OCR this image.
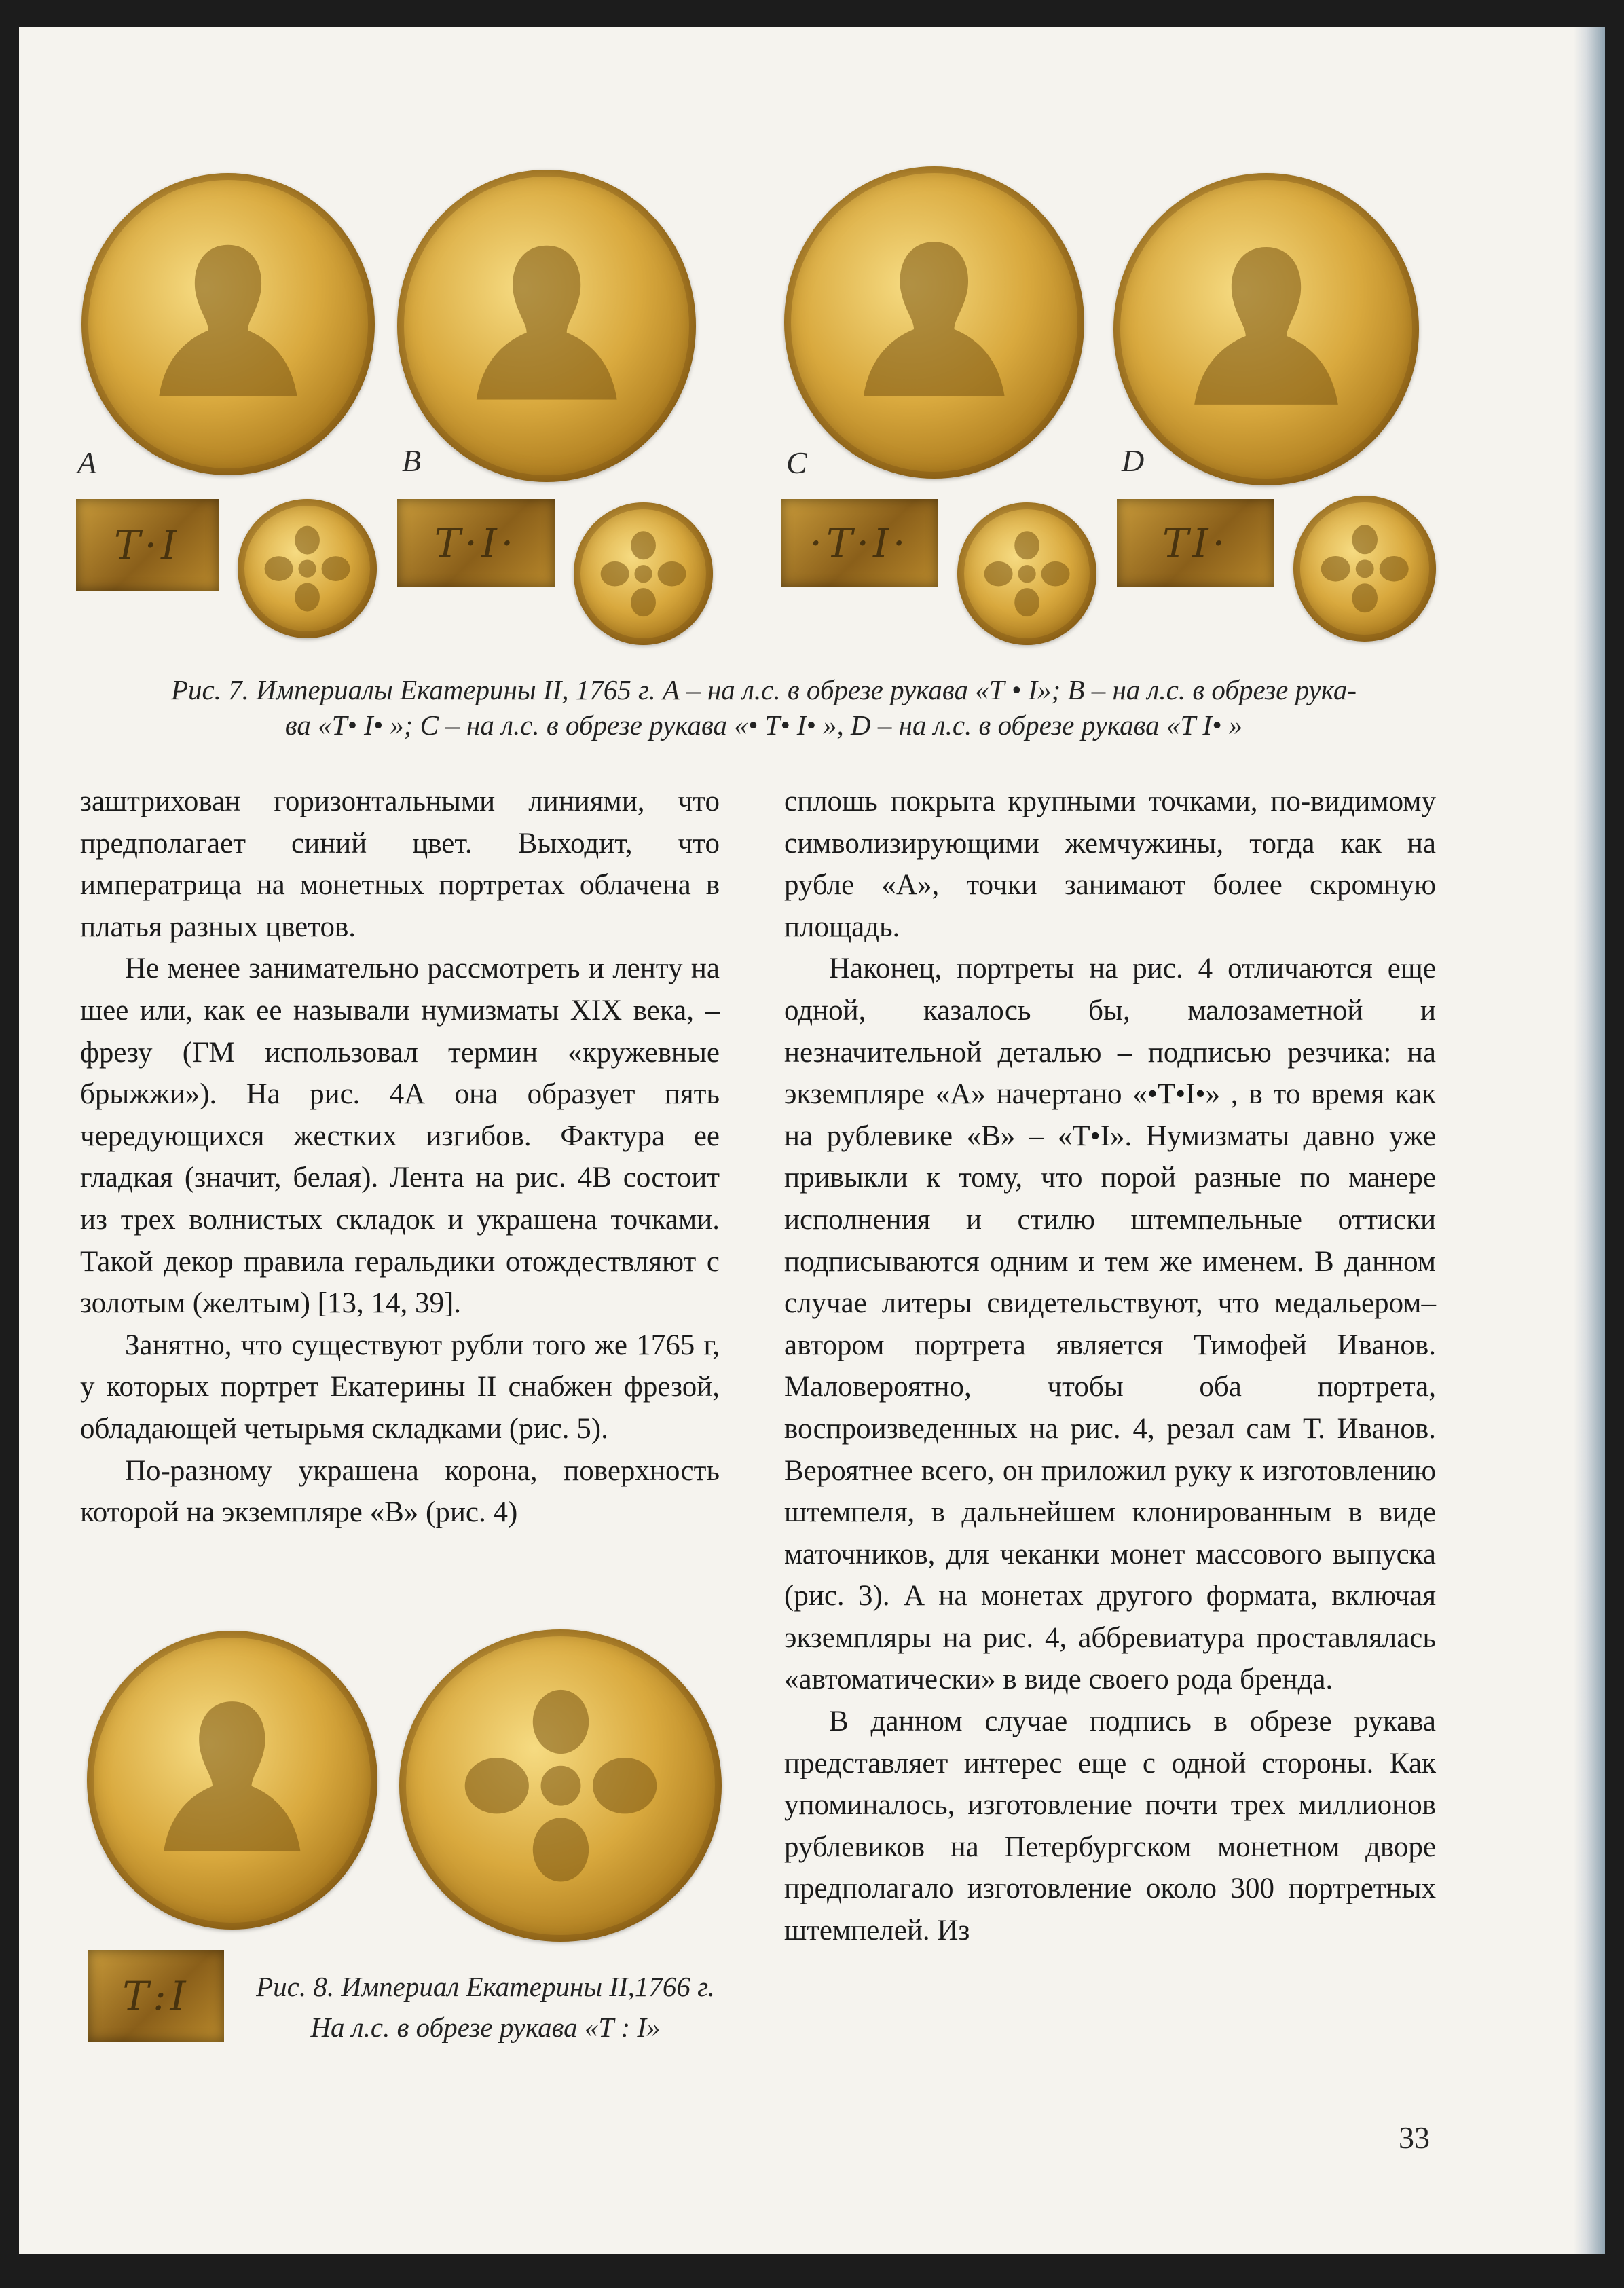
A	B	C	D
Т·І	Т·І·	·Т·І·	ТІ·
Рис. 7. Империалы Екатерины II, 1765 г. А – на л.с. в обрезе рукава «Т • І»; В – на л.с. в обрезе рука-
ва «Т• І• »; С – на л.с. в обрезе рукава «• Т• І• », D – на л.с. в обрезе рукава «Т І• »

заштрихован горизонтальными линиями, что предполагает синий цвет. Выходит, что императрица на монетных портретах облачена в платья разных цветов.

Не менее занимательно рассмотреть и ленту на шее или, как ее называли нумизматы XIX века, – фрезу (ГМ использовал термин «кружевные брыжжи»). На рис. 4А она образует пять чередующихся жестких изгибов. Фактура ее гладкая (значит, белая). Лента на рис. 4В состоит из трех волнистых складок и украшена точками. Такой декор правила геральдики отождествляют с золотым (желтым) [13, 14, 39].

Занятно, что существуют рубли того же 1765 г, у которых портрет Екатерины II снабжен фрезой, обладающей четырьмя складками (рис. 5).

По-разному украшена корона, поверхность которой на экземпляре «В» (рис. 4)

Т:І	Рис. 8. Империал Екатерины II,1766 г.
На л.с. в обрезе рукава «Т : І»

сплошь покрыта крупными точками, по-видимому символизирующими жемчужины, тогда как на рубле «А», точки занимают более скромную площадь.

Наконец, портреты на рис. 4 отличаются еще одной, казалось бы, малозаметной и незначительной деталью – подписью резчика: на экземпляре «А» начертано «•Т•І•» , в то время как на рублевике «В» – «Т•І». Нумизматы давно уже привыкли к тому, что порой разные по манере исполнения и стилю штемпельные оттиски подписываются одним и тем же именем. В данном случае литеры свидетельствуют, что медальером–автором портрета является Тимофей Иванов. Маловероятно, чтобы оба портрета, воспроизведенных на рис. 4, резал сам Т. Иванов. Вероятнее всего, он приложил руку к изготовлению штемпеля, в дальнейшем клонированным в виде маточников, для чеканки монет массового выпуска (рис. 3). А на монетах другого формата, включая экземпляры на рис. 4, аббревиатура проставлялась «автоматически» в виде своего рода бренда.

В данном случае подпись в обрезе рукава представляет интерес еще с одной стороны. Как упоминалось, изготовление почти трех миллионов рублевиков на Петербургском монетном дворе предполагало изготовление около 300 портретных штемпелей. Из

33
